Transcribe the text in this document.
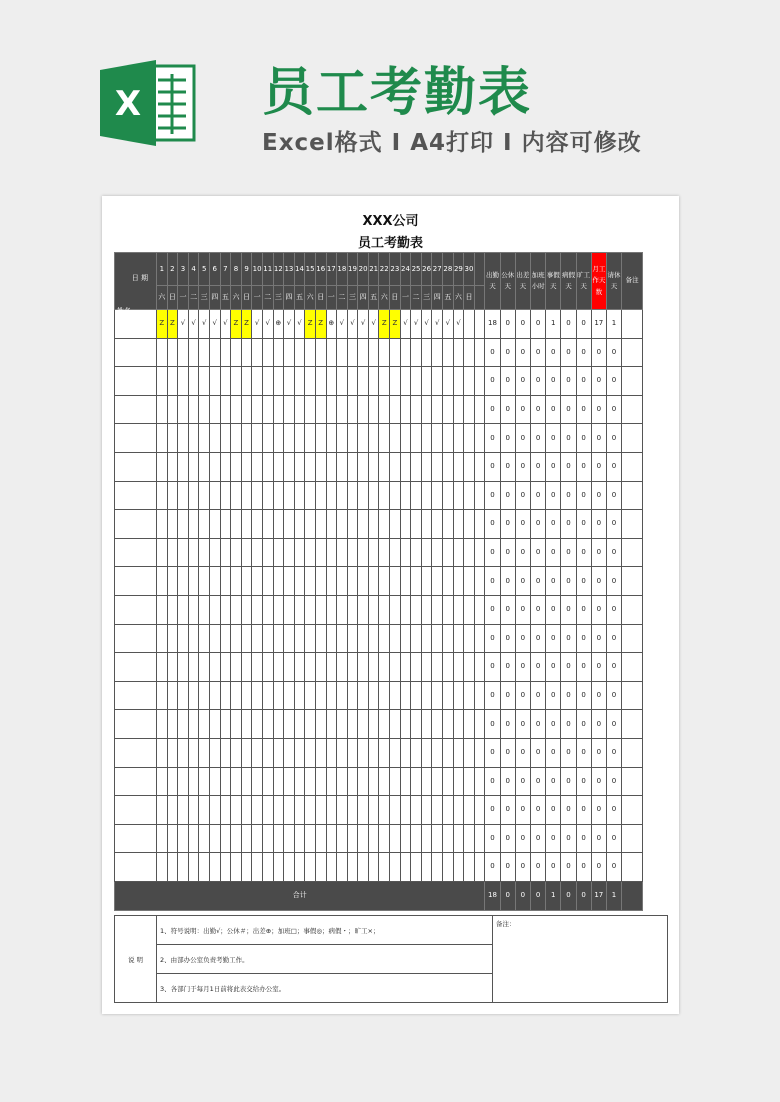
X 员工考勤表
Excel格式 Ⅰ A4打印 Ⅰ 内容可修改
XXX公司
员工考勤表
日 期
姓名	1	2	3	4	5	6	7	8	9	10	11	12	13	14	15	16	17	18	19	20	21	22	23	24	25	26	27	28	29	30		出勤天	公休天	出差天	加班小时	事假天	病假天	旷工天	月工作天数	请休天	备注
	六	日	一	二	三	四	五	六	日	一	二	三	四	五	六	日	一	二	三	四	五	六	日	一	二	三	四	五	六	日											
	Z	Z	√	√	√	√	√	Z	Z	√	√	⊕	√	√	Z	Z	⊕	√	√	√	√	Z	Z	√	√	√	√	√	√			18	0	0	0	1	0	0	17	1	
																																0	0	0	0	0	0	0	0	0	
																																0	0	0	0	0	0	0	0	0	
																																0	0	0	0	0	0	0	0	0	
																																0	0	0	0	0	0	0	0	0	
																																0	0	0	0	0	0	0	0	0	
																																0	0	0	0	0	0	0	0	0	
																																0	0	0	0	0	0	0	0	0	
																																0	0	0	0	0	0	0	0	0	
																																0	0	0	0	0	0	0	0	0	
																																0	0	0	0	0	0	0	0	0	
																																0	0	0	0	0	0	0	0	0	
																																0	0	0	0	0	0	0	0	0	
																																0	0	0	0	0	0	0	0	0	
																																0	0	0	0	0	0	0	0	0	
																																0	0	0	0	0	0	0	0	0	
																																0	0	0	0	0	0	0	0	0	
																																0	0	0	0	0	0	0	0	0	
																																0	0	0	0	0	0	0	0	0	
																																0	0	0	0	0	0	0	0	0	
合计																																18	0	0	0	1	0	0	17	1	
说 明	1、符号说明：出勤√；公休＃；出差⊕；加班□；事假◎；病假・；旷工×；	备注：
2、由部办公室负责考勤工作。
3、各部门于每月1日前将此表交给办公室。
